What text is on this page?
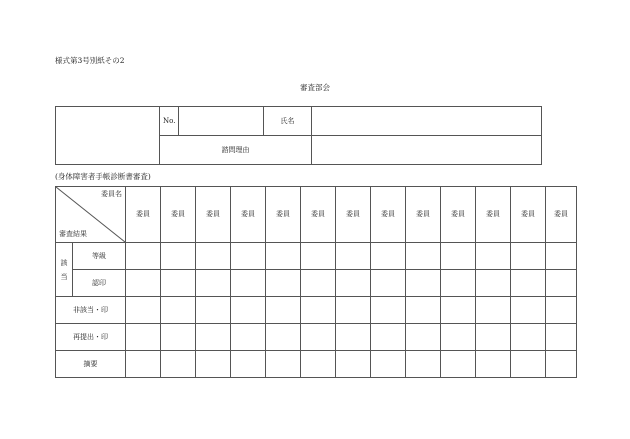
様式第3号別紙その2
審査部会
	No.		氏名	
	諮問理由			
(身体障害者手帳診断書審査)
委員名
審査結果		委員	委員	委員	委員	委員	委員	委員	委員	委員	委員	委員	委員	委員
該
当	等級													
	認印													
非該当・印														
再提出・印														
摘要														
